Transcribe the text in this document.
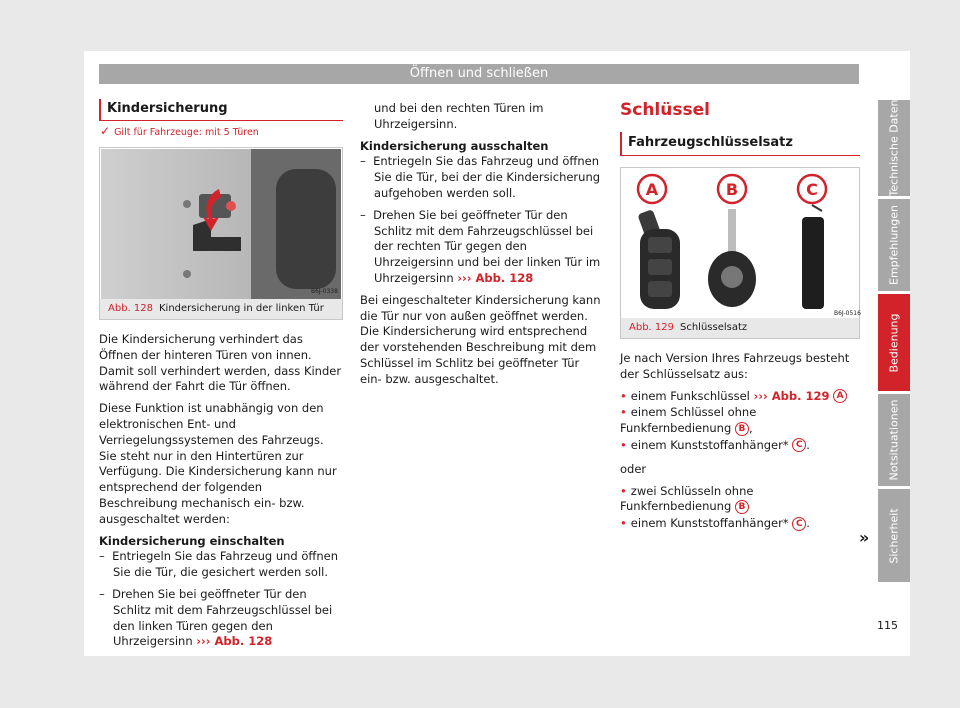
Öffnen und schließen
Kindersicherung
✓ Gilt für Fahrzeuge: mit 5 Türen
B6J-0338
Abb. 128 Kindersicherung in der linken Tür

Die Kindersicherung verhindert das Öffnen der hinteren Türen von innen. Damit soll verhindert werden, dass Kinder während der Fahrt die Tür öffnen.

Diese Funktion ist unabhängig von den elektronischen Ent- und Verriegelungssystemen des Fahrzeugs. Sie steht nur in den Hintertüren zur Verfügung. Die Kindersicherung kann nur entsprechend der folgenden Beschreibung mechanisch ein- bzw. ausgeschaltet werden:

Kindersicherung einschalten

–  Entriegeln Sie das Fahrzeug und öffnen Sie die Tür, die gesichert werden soll.

–  Drehen Sie bei geöffneter Tür den Schlitz mit dem Fahrzeugschlüssel bei den linken Türen gegen den Uhrzeigersinn ››› Abb. 128

und bei den rechten Türen im Uhrzeigersinn.

Kindersicherung ausschalten

–  Entriegeln Sie das Fahrzeug und öffnen Sie die Tür, bei der die Kindersicherung aufgehoben werden soll.

–  Drehen Sie bei geöffneter Tür den Schlitz mit dem Fahrzeugschlüssel bei der rechten Tür gegen den Uhrzeigersinn und bei der linken Tür im Uhrzeigersinn ››› Abb. 128

Bei eingeschalteter Kindersicherung kann die Tür nur von außen geöffnet werden. Die Kindersicherung wird entsprechend der vorstehenden Beschreibung mit dem Schlüssel im Schlitz bei geöffneter Tür ein- bzw. ausgeschaltet.

Schlüssel
Fahrzeugschlüsselsatz
A	B	C
B6J-0516
Abb. 129 Schlüsselsatz

Je nach Version Ihres Fahrzeugs besteht der Schlüsselsatz aus:

• einem Funkschlüssel ››› Abb. 129 A

• einem Schlüssel ohne Funkfernbedienung B ,

• einem Kunststoffanhänger* C .

oder

• zwei Schlüsseln ohne Funkfernbedienung B

• einem Kunststoffanhänger* C .

»
Technische Daten
Empfehlungen
Bedienung
Notsituationen
Sicherheit
115
